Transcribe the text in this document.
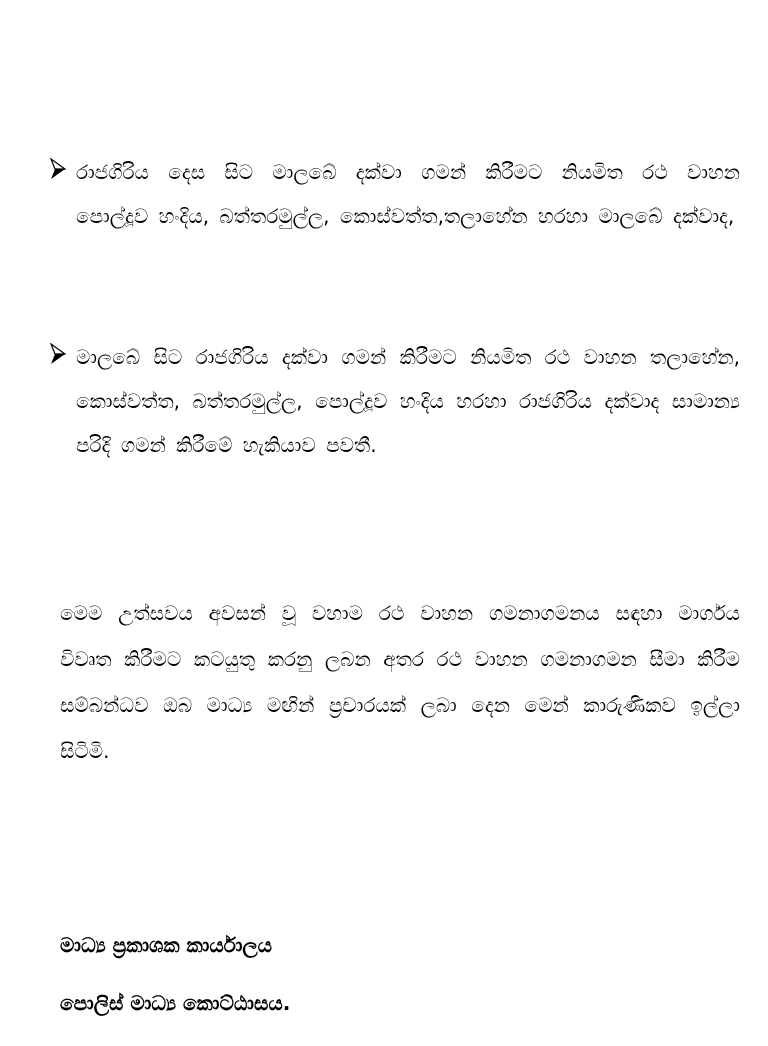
රාජගිරිය දෙස සිට මාලබේ දක්වා ගමන් කිරීමට නියමිත රථ වාහන පොල්දූව හංදිය, බත්තරමුල්ල, කොස්වත්ත,තලාහේන හරහා මාලබේ දක්වාද,
මාලබේ සිට රාජගිරිය දක්වා ගමන් කිරීමට නියමිත රථ වාහන තලාහේන, කොස්වත්ත, බත්තරමුල්ල, පොල්දූව හංදිය හරහා රාජගිරිය දක්වාද සාමාන්‍ය පරිදි ගමන් කිරීමේ හැකියාව පවතී.
මෙම උත්සවය අවසන් වූ වහාම රථ වාහන ගමනාගමනය සඳහා මාර්ගය විවෘත කිරීමට කටයුතු කරනු ලබන අතර රථ වාහන ගමනාගමන සීමා කිරීම සම්බන්ධව ඔබ මාධ්‍ය මඟින් ප්‍රචාරයක් ලබා දෙන මෙන් කාරුණිකව ඉල්ලා සිටිමි.
මාධ්‍ය ප්‍රකාශක කාර්යාලය
පොලිස් මාධ්‍ය කොට්ඨාසය.
